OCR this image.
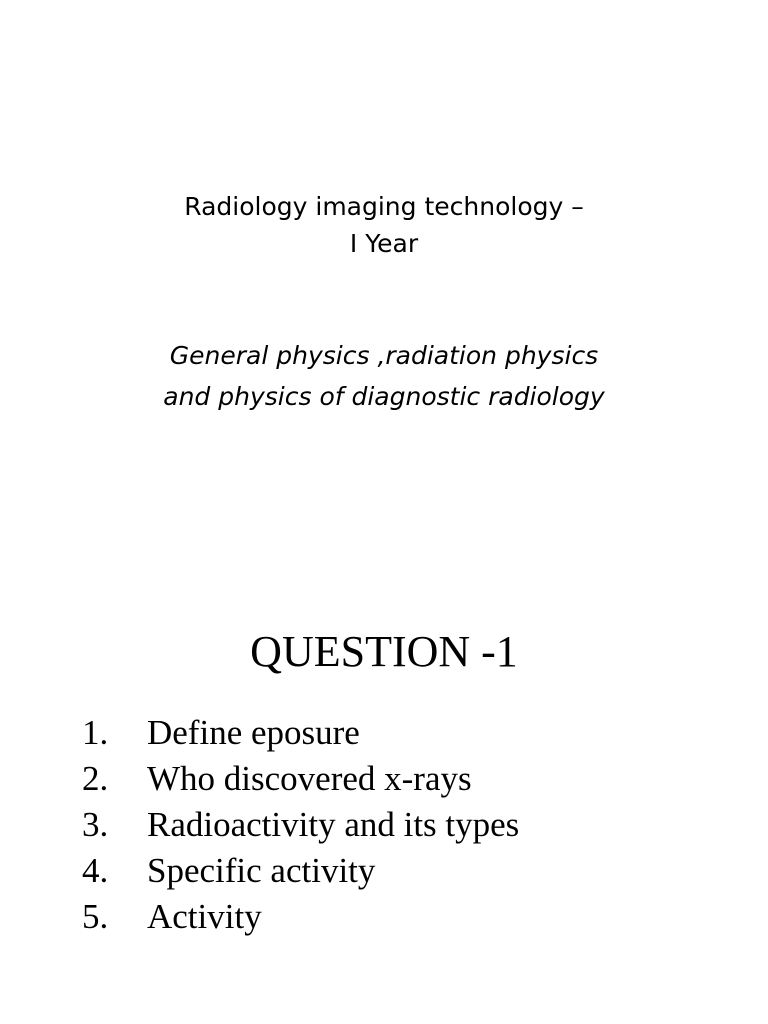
Radiology imaging technology –
I Year
General physics ,radiation physics
and physics of diagnostic radiology
QUESTION -1
1.	Define eposure
2.	Who discovered x-rays
3.	Radioactivity and its types
4.	Specific activity
5.	Activity
